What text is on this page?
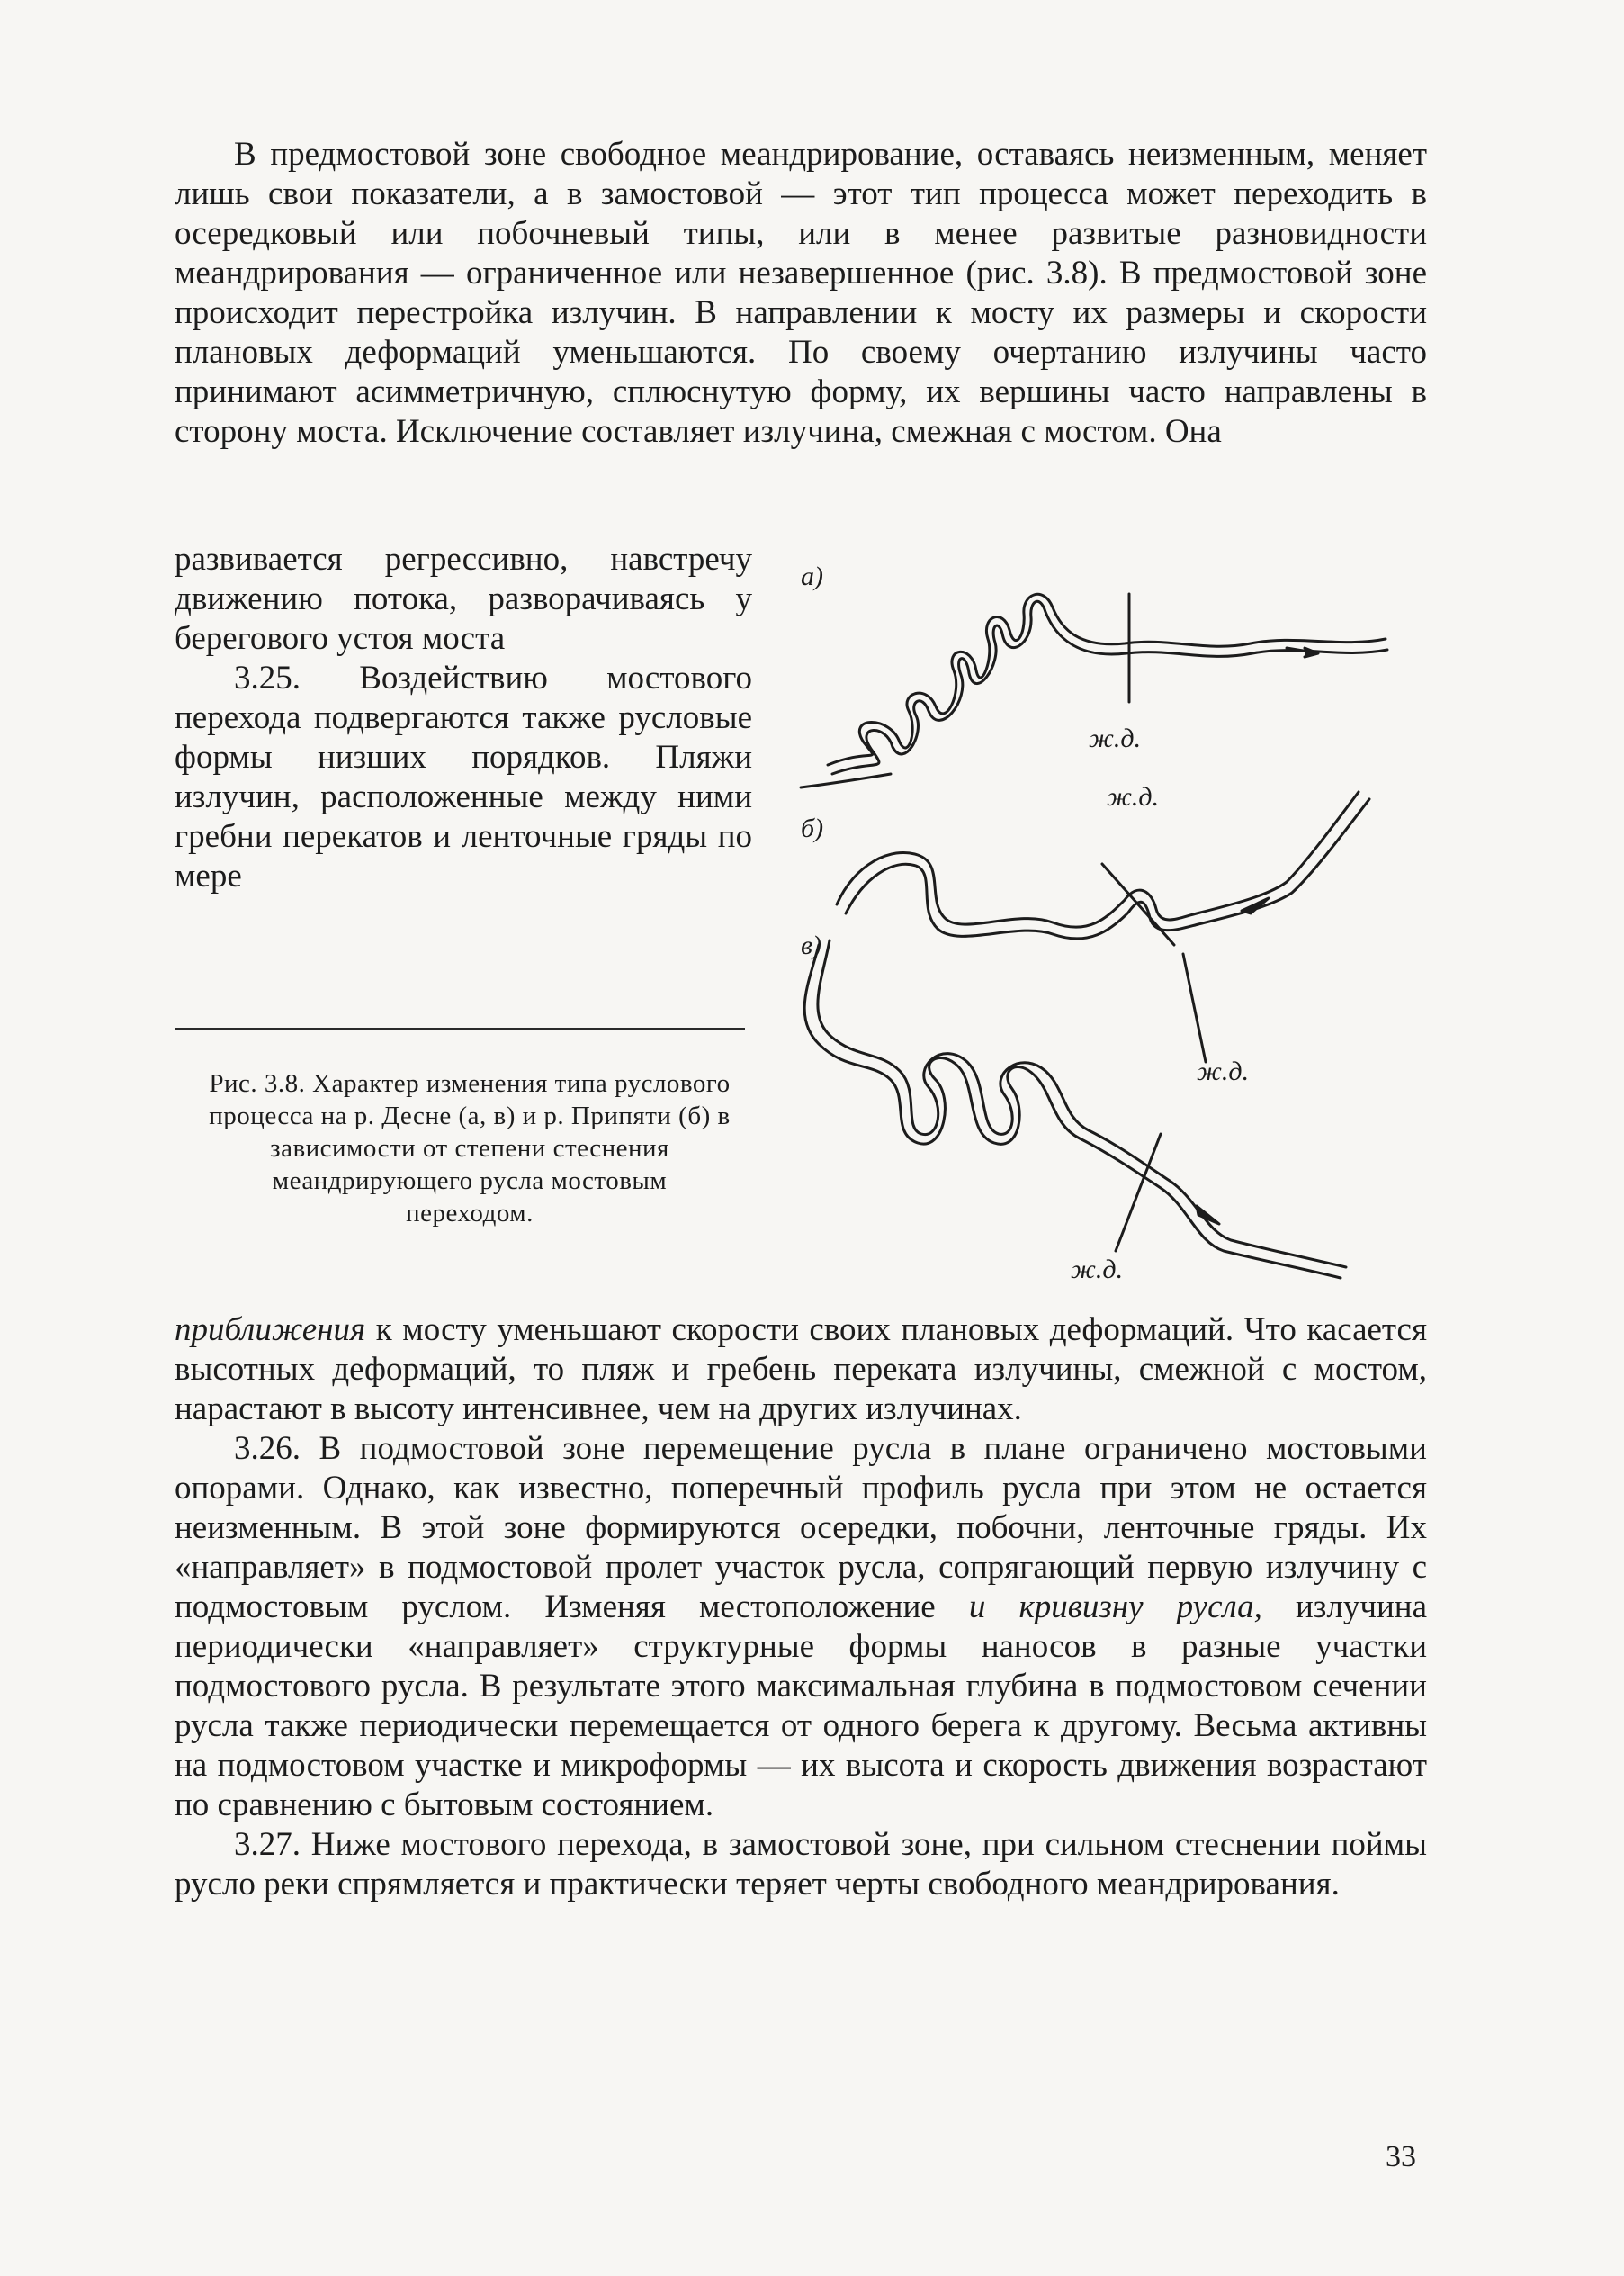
В предмостовой зоне свободное меандрирование, оставаясь неизменным, меняет лишь свои показатели, а в замостовой — этот тип процесса может переходить в осередковый или побочневый типы, или в менее развитые разновидности меандрирования — ограниченное или незавершенное (рис. 3.8). В предмостовой зоне происходит перестройка излучин. В направлении к мосту их размеры и скорости плановых деформаций уменьшаются. По своему очертанию излучины часто принимают асимметричную, сплюснутую форму, их вершины часто направлены в сторону моста. Исключение составляет излучина, смежная с мостом. Она

развивается регрессивно, навстречу движению потока, разворачиваясь у берегового устоя моста

3.25. Воздействию мостового перехода подвергаются также русловые формы низших порядков. Пляжи излучин, расположенные между ними гребни перекатов и ленточные гряды по мере

Рис. 3.8. Характер изменения типа руслового процесса на р. Десне (а, в) и р. Припяти (б) в зависимости от степени стеснения меандрирующего русла мостовым переходом.
а)
б)
в)
ж.д.
ж.д.
ж.д.
ж.д.

приближения к мосту уменьшают скорости своих плановых деформаций. Что касается высотных деформаций, то пляж и гребень переката излучины, смежной с мостом, нарастают в высоту интенсивнее, чем на других излучинах.

3.26. В подмостовой зоне перемещение русла в плане ограничено мостовыми опорами. Однако, как известно, поперечный профиль русла при этом не остается неизменным. В этой зоне формируются осередки, побочни, ленточные гряды. Их «направляет» в подмостовой пролет участок русла, сопрягающий первую излучину с подмостовым руслом. Изменяя местоположение и кривизну русла, излучина периодически «направляет» структурные формы наносов в разные участки подмостового русла. В результате этого максимальная глубина в подмостовом сечении русла также периодически перемещается от одного берега к другому. Весьма активны на подмостовом участке и микроформы — их высота и скорость движения возрастают по сравнению с бытовым состоянием.

3.27. Ниже мостового перехода, в замостовой зоне, при сильном стеснении поймы русло реки спрямляется и практически теряет черты свободного меандрирования.

33
